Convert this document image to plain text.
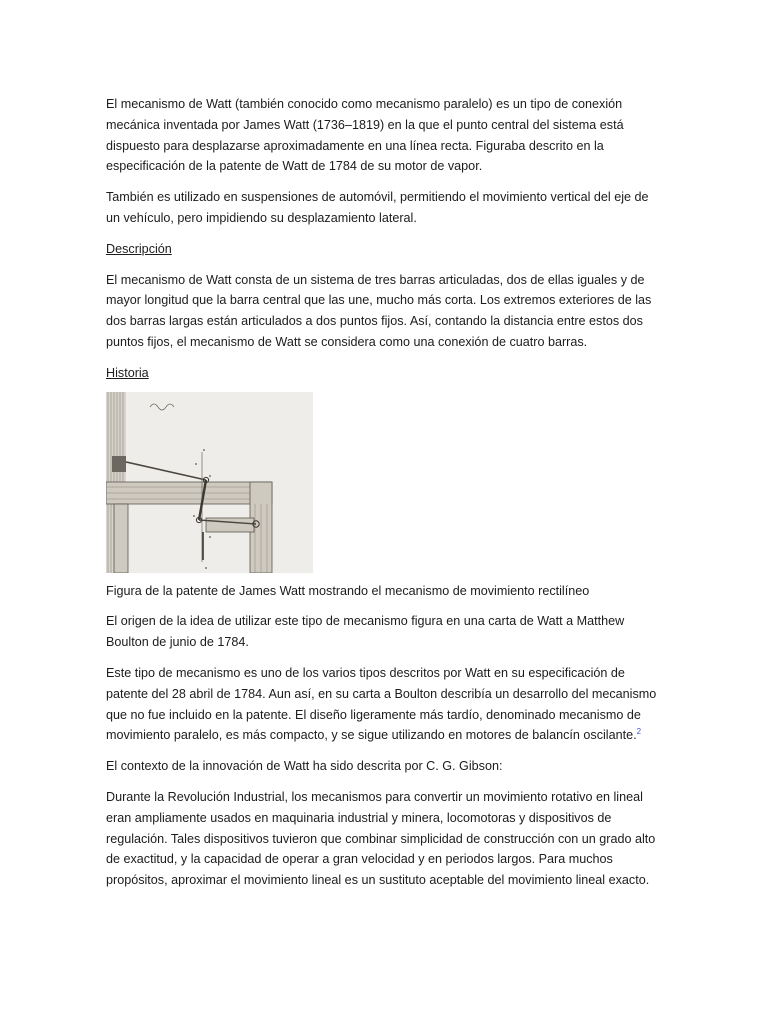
El mecanismo de Watt (también conocido como mecanismo paralelo) es un tipo de conexión mecánica inventada por James Watt (1736–1819) en la que el punto central del sistema está dispuesto para desplazarse aproximadamente en una línea recta. Figuraba descrito en la especificación de la patente de Watt de 1784 de su motor de vapor.

También es utilizado en suspensiones de automóvil, permitiendo el movimiento vertical del eje de un vehículo, pero impidiendo su desplazamiento lateral.

Descripción

El mecanismo de Watt consta de un sistema de tres barras articuladas, dos de ellas iguales y de mayor longitud que la barra central que las une, mucho más corta. Los extremos exteriores de las dos barras largas están articulados a dos puntos fijos. Así, contando la distancia entre estos dos puntos fijos, el mecanismo de Watt se considera como una conexión de cuatro barras.

Historia

Figura de la patente de James Watt mostrando el mecanismo de movimiento rectilíneo

El origen de la idea de utilizar este tipo de mecanismo figura en una carta de Watt a Matthew Boulton de junio de 1784.

Este tipo de mecanismo es uno de los varios tipos descritos por Watt en su especificación de patente del 28 abril de 1784. Aun así, en su carta a Boulton describía un desarrollo del mecanismo que no fue incluido en la patente. El diseño ligeramente más tardío, denominado mecanismo de movimiento paralelo, es más compacto, y se sigue utilizando en motores de balancín oscilante.$^2$

El contexto de la innovación de Watt ha sido descrita por C. G. Gibson:

Durante la Revolución Industrial, los mecanismos para convertir un movimiento rotativo en lineal eran ampliamente usados en maquinaria industrial y minera, locomotoras y dispositivos de regulación. Tales dispositivos tuvieron que combinar simplicidad de construcción con un grado alto de exactitud, y la capacidad de operar a gran velocidad y en periodos largos. Para muchos propósitos, aproximar el movimiento lineal es un sustituto aceptable del movimiento lineal exacto.
